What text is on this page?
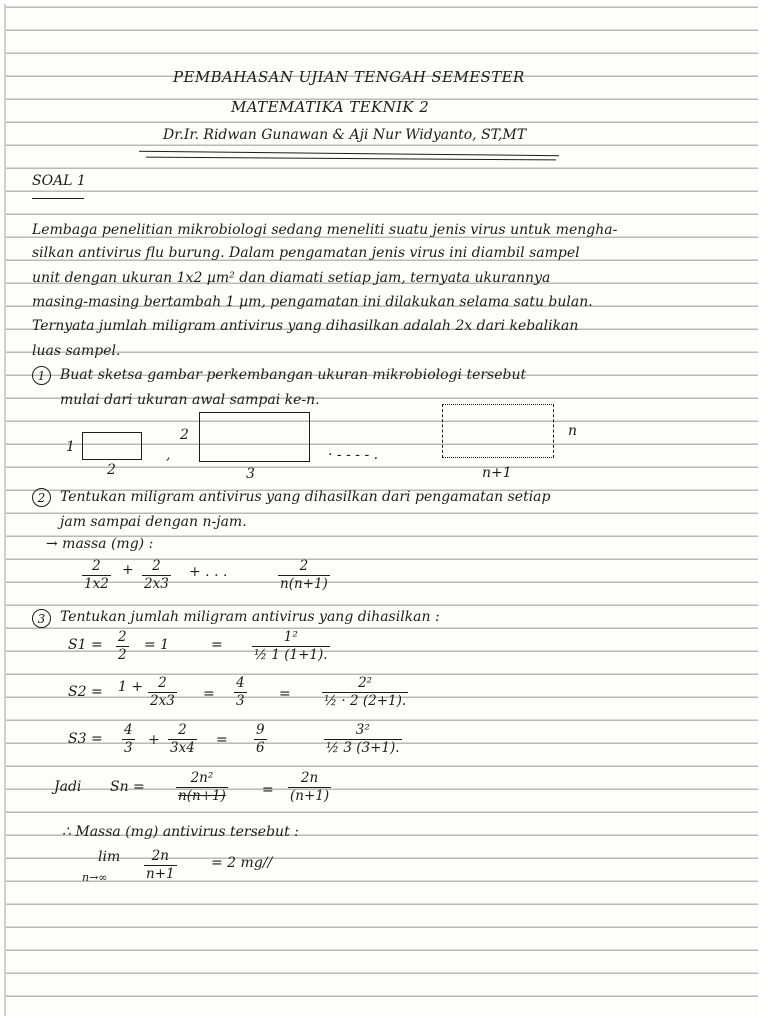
PEMBAHASAN UJIAN TENGAH SEMESTER
MATEMATIKA TEKNIK 2
Dr.Ir. Ridwan Gunawan & Aji Nur Widyanto, ST,MT
SOAL 1
Lembaga penelitian mikrobiologi sedang meneliti suatu jenis virus untuk mengha-
silkan antivirus flu burung. Dalam pengamatan jenis virus ini diambil sampel
unit dengan ukuran 1x2 µm² dan diamati setiap jam, ternyata ukurannya
masing-masing bertambah 1 µm, pengamatan ini dilakukan selama satu bulan.
Ternyata jumlah miligram antivirus yang dihasilkan adalah 2x dari kebalikan
luas sampel.
1	Buat sketsa gambar perkembangan ukuran mikrobiologi tersebut
mulai dari ukuran awal sampai ke-n.
1
2
,
2
3
· - - - - .
n
n+1
2	Tentukan miligram antivirus yang dihasilkan dari pengamatan setiap
jam sampai dengan n-jam.
→ massa (mg) :
$\frac{2}{1x2} + \frac{2}{2x3}$ + . . .	$\frac{2}{n(n+1)}$
3	Tentukan jumlah miligram antivirus yang dihasilkan :
$S1 = \frac{2}{2} = 1$	= $\frac{\text{1²}}{\text{½ 1 (1+1).}}$
$S2 = 1 + \frac{2}{2x3} = \frac{4}{3} = \frac{\text{2²}}{\text{½ · 2 (2+1).}}$
$S3 = \frac{4}{3} + \frac{2}{3x4} = \frac{9}{6}$	$\frac{\text{3²}}{\text{½ 3 (3+1).}}$
Jadi $Sn = \frac{\text{2n²}}{n(n+1)} = \frac{2n}{(n+1)}$
∴ Massa (mg) antivirus tersebut :
lim
n→∞	$\frac{2n}{n+1} = 2$ mg//
